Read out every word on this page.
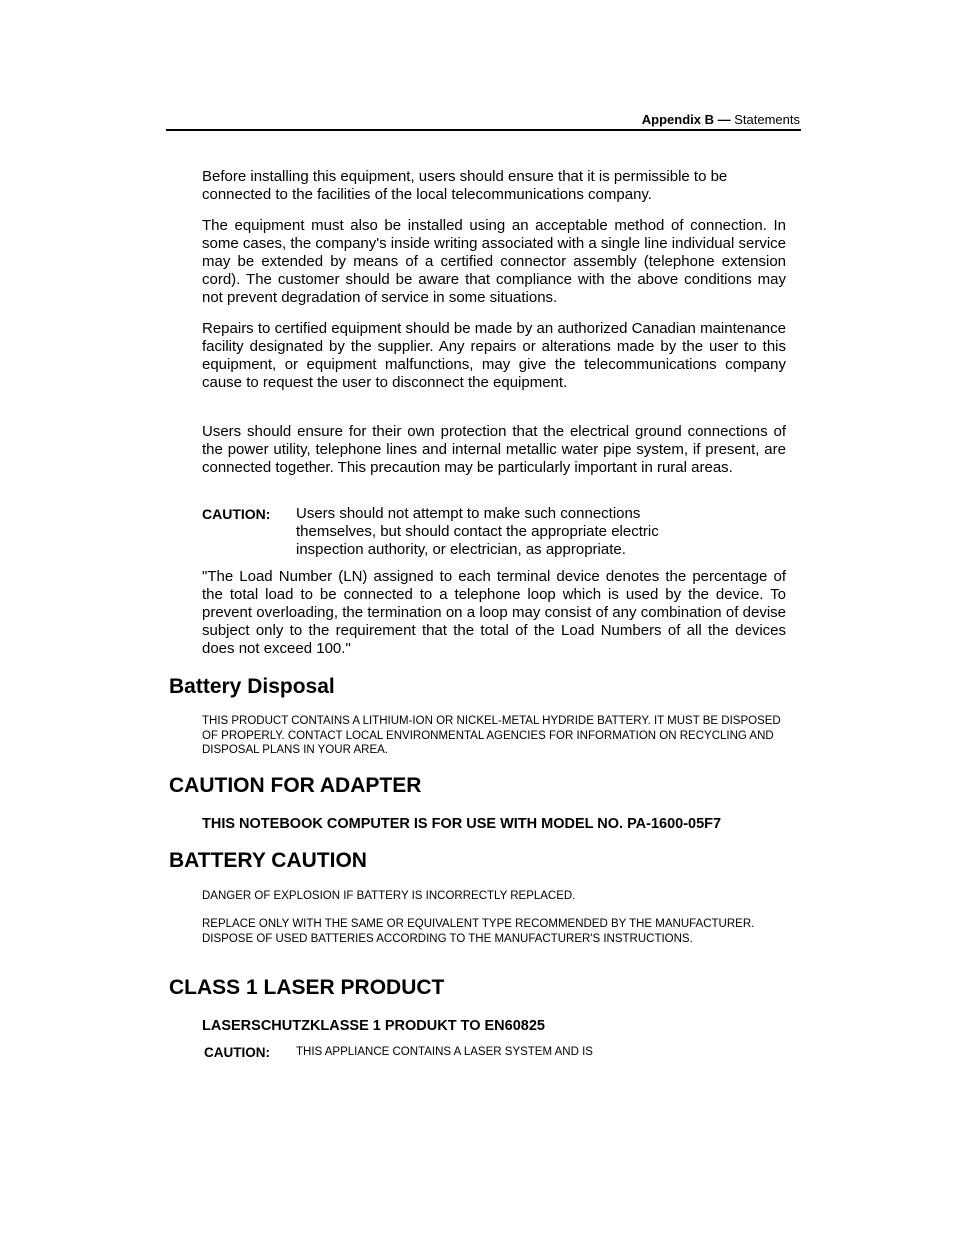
Appendix B — Statements
Before installing this equipment, users should ensure that it is permissible to be connected to the facilities of the local telecommunications company.
The equipment must also be installed using an acceptable method of connection. In some cases, the company's inside writing associated with a single line individual service may be extended by means of a certified connector assembly (telephone extension cord). The customer should be aware that compliance with the above conditions may not prevent degradation of service in some situations.
Repairs to certified equipment should be made by an authorized Canadian maintenance facility designated by the supplier. Any repairs or alterations made by the user to this equipment, or equipment malfunctions, may give the telecommunications company cause to request the user to disconnect the equipment.
Users should ensure for their own protection that the electrical ground connections of the power utility, telephone lines and internal metallic water pipe system, if present, are connected together. This precaution may be particularly important in rural areas.
CAUTION: Users should not attempt to make such connections themselves, but should contact the appropriate electric inspection authority, or electrician, as appropriate.
"The Load Number (LN) assigned to each terminal device denotes the percentage of the total load to be connected to a telephone loop which is used by the device. To prevent overloading, the termination on a loop may consist of any combination of devise subject only to the requirement that the total of the Load Numbers of all the devices does not exceed 100."
Battery Disposal
THIS PRODUCT CONTAINS A LITHIUM-ION OR NICKEL-METAL HYDRIDE BATTERY. IT MUST BE DISPOSED OF PROPERLY. CONTACT LOCAL ENVIRONMENTAL AGENCIES FOR INFORMATION ON RECYCLING AND DISPOSAL PLANS IN YOUR AREA.
CAUTION FOR ADAPTER
THIS NOTEBOOK COMPUTER IS FOR USE WITH MODEL NO. PA-1600-05F7
BATTERY CAUTION
DANGER OF EXPLOSION IF BATTERY IS INCORRECTLY REPLACED.
REPLACE ONLY WITH THE SAME OR EQUIVALENT TYPE RECOMMENDED BY THE MANUFACTURER. DISPOSE OF USED BATTERIES ACCORDING TO THE MANUFACTURER'S INSTRUCTIONS.
CLASS 1 LASER PRODUCT
LASERSCHUTZKLASSE 1 PRODUKT TO EN60825
CAUTION: THIS APPLIANCE CONTAINS A LASER SYSTEM AND IS
